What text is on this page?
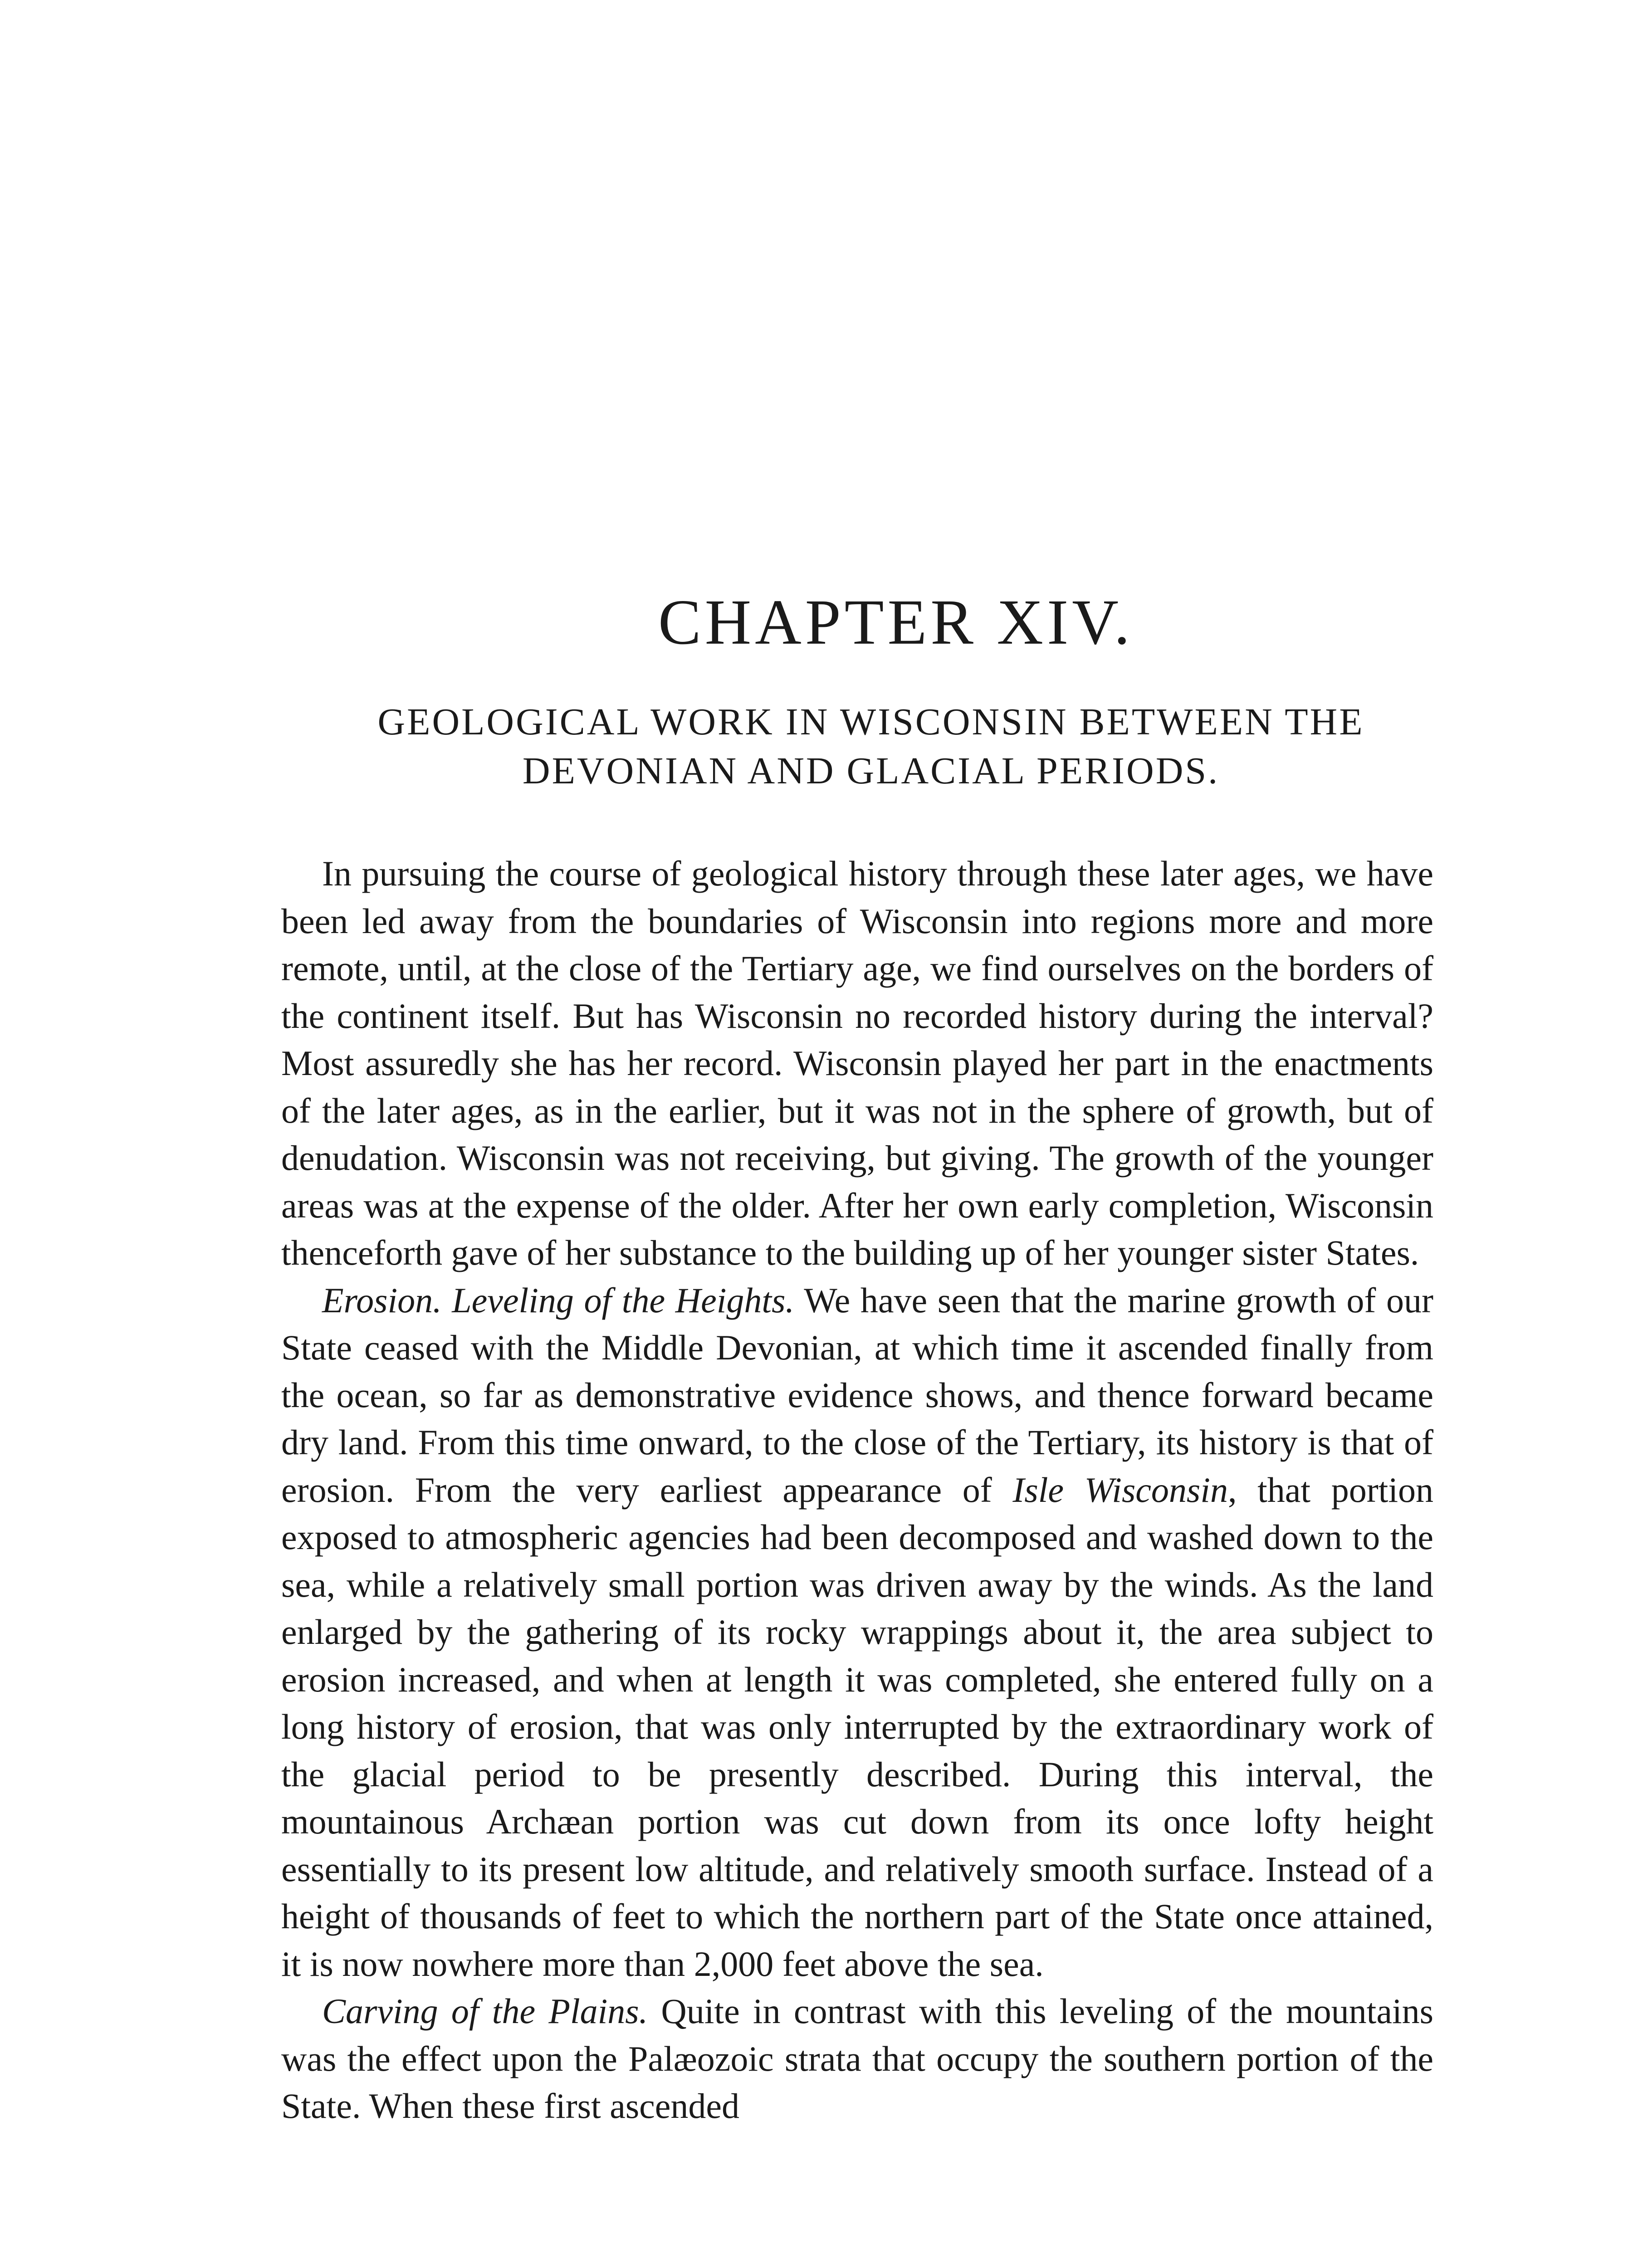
CHAPTER XIV.
GEOLOGICAL WORK IN WISCONSIN BETWEEN THE
DEVONIAN AND GLACIAL PERIODS.

In pursuing the course of geological history through these later ages, we have been led away from the boundaries of Wisconsin into regions more and more remote, until, at the close of the Tertiary age, we find ourselves on the borders of the continent itself. But has Wisconsin no recorded history during the interval? Most assuredly she has her record. Wisconsin played her part in the enactments of the later ages, as in the earlier, but it was not in the sphere of growth, but of denudation. Wisconsin was not receiving, but giving. The growth of the younger areas was at the expense of the older. After her own early completion, Wisconsin thenceforth gave of her substance to the building up of her younger sister States.

Erosion. Leveling of the Heights. We have seen that the marine growth of our State ceased with the Middle Devonian, at which time it ascended finally from the ocean, so far as demonstrative evidence shows, and thence forward became dry land. From this time onward, to the close of the Tertiary, its history is that of erosion. From the very earliest appearance of Isle Wisconsin, that portion exposed to atmospheric agencies had been decomposed and washed down to the sea, while a relatively small portion was driven away by the winds. As the land enlarged by the gathering of its rocky wrappings about it, the area subject to erosion increased, and when at length it was completed, she entered fully on a long history of erosion, that was only interrupted by the extraordinary work of the glacial period to be presently described. During this interval, the mountainous Archæan portion was cut down from its once lofty height essentially to its present low altitude, and relatively smooth surface. Instead of a height of thousands of feet to which the northern part of the State once attained, it is now nowhere more than 2,000 feet above the sea.

Carving of the Plains. Quite in contrast with this leveling of the mountains was the effect upon the Palæozoic strata that occupy the southern portion of the State. When these first ascended
